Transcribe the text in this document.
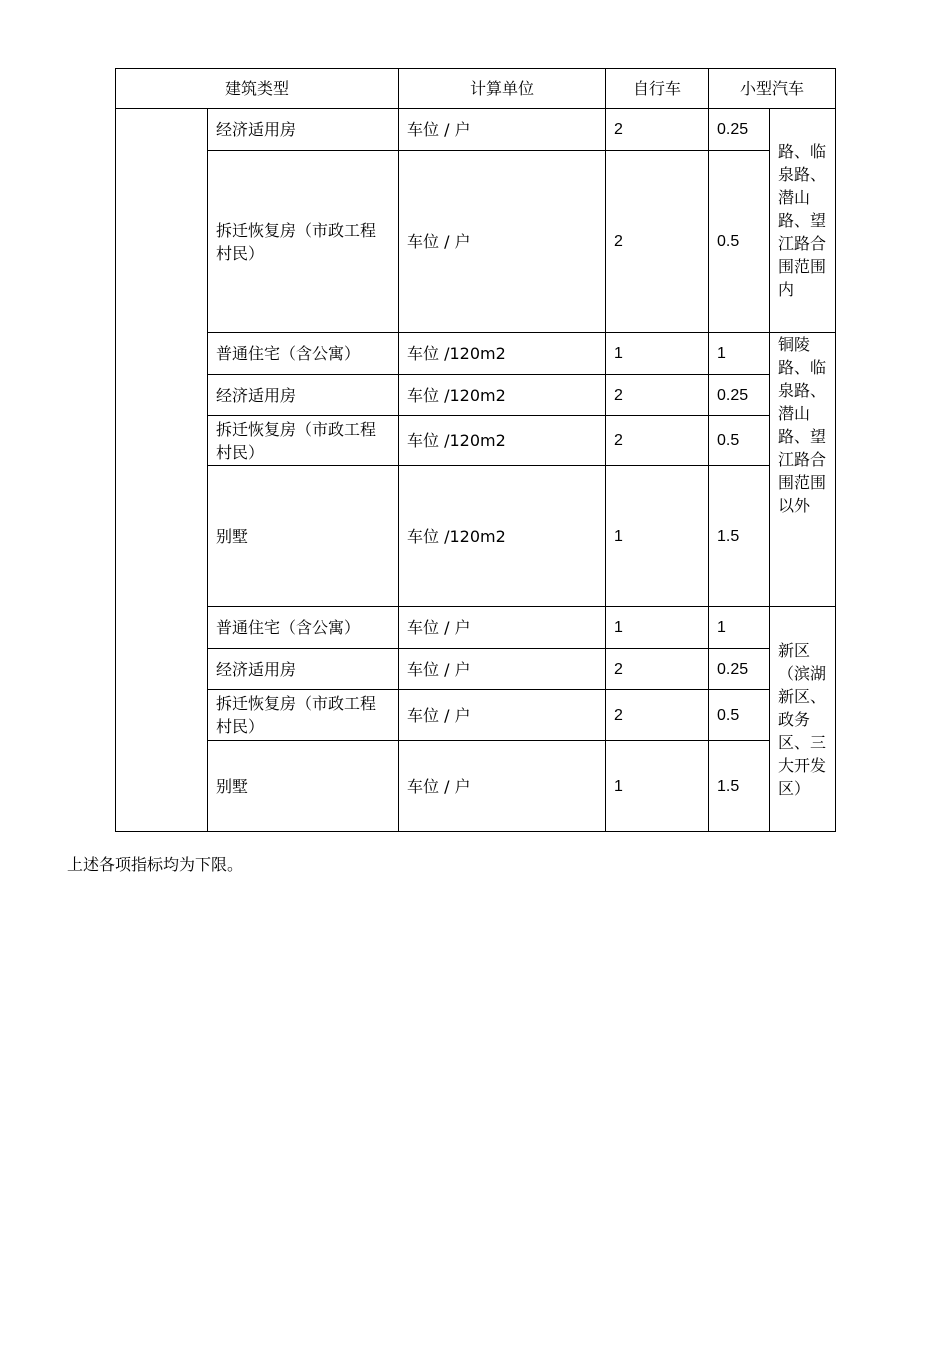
建筑类型		计算单位	自行车	小型汽车	
	经济适用房	车位 / 户	2	0.25	路、临泉路、潜山路、望江路合围范围内
	拆迁恢复房（市政工程村民）	车位 / 户	2	0.5	
	普通住宅（含公寓）	车位 /120m2	1	1	铜陵路、临泉路、潜山路、望江路合围范围以外
	经济适用房	车位 /120m2	2	0.25	
	拆迁恢复房（市政工程村民）	车位 /120m2	2	0.5	
	别墅	车位 /120m2	1	1.5	
	普通住宅（含公寓）	车位 / 户	1	1	新区（滨湖新区、政务区、三大开发区）
	经济适用房	车位 / 户	2	0.25	
	拆迁恢复房（市政工程村民）	车位 / 户	2	0.5	
	别墅	车位 / 户	1	1.5	
上述各项指标均为下限。
